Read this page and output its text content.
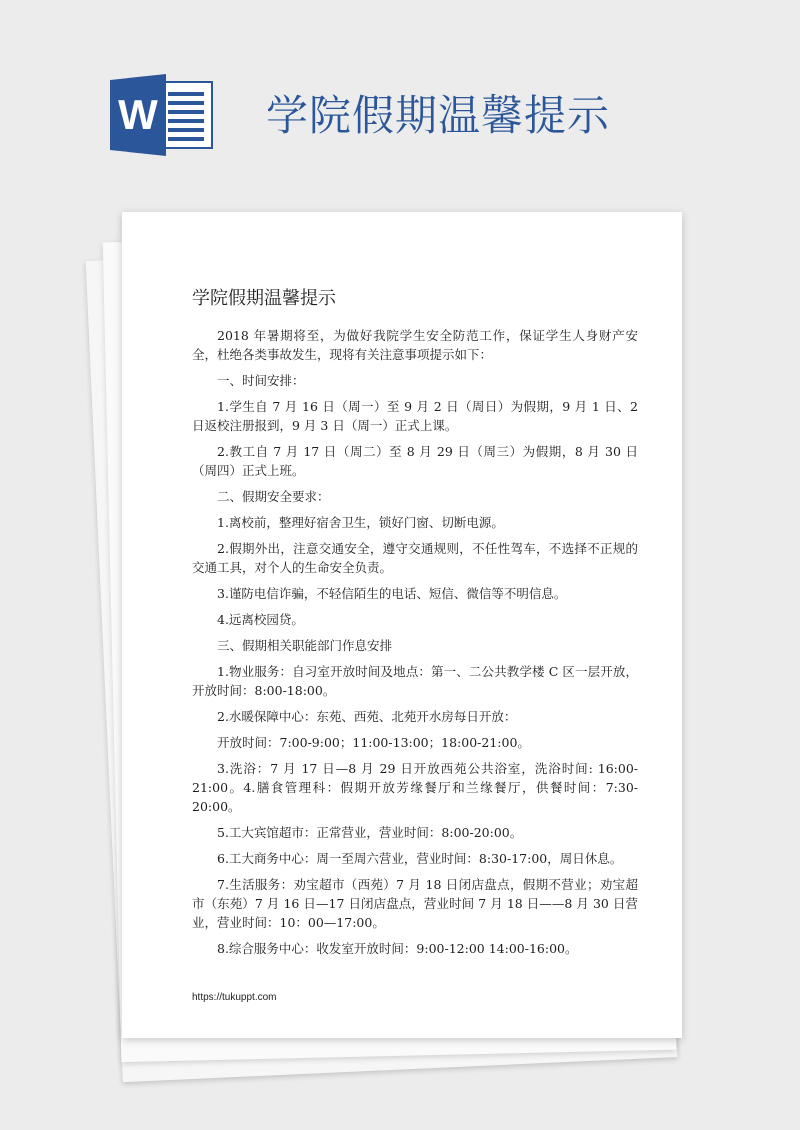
W	学院假期温馨提示
学院假期温馨提示

2018 年暑期将至，为做好我院学生安全防范工作，保证学生人身财产安全，杜绝各类事故发生，现将有关注意事项提示如下：

一、时间安排：

1.学生自 7 月 16 日（周一）至 9 月 2 日（周日）为假期，9 月 1 日、2 日返校注册报到，9 月 3 日（周一）正式上课。

2.教工自 7 月 17 日（周二）至 8 月 29 日（周三）为假期，8 月 30 日（周四）正式上班。

二、假期安全要求：

1.离校前，整理好宿舍卫生，锁好门窗、切断电源。

2.假期外出，注意交通安全，遵守交通规则，不任性驾车，不选择不正规的交通工具，对个人的生命安全负责。

3.谨防电信诈骗，不轻信陌生的电话、短信、微信等不明信息。

4.远离校园贷。

三、假期相关职能部门作息安排

1.物业服务：自习室开放时间及地点：第一、二公共教学楼 C 区一层开放，开放时间：8:00-18:00。

2.水暖保障中心：东苑、西苑、北苑开水房每日开放：

开放时间：7:00-9:00；11:00-13:00；18:00-21:00。

3.洗浴：7 月 17 日—8 月 29 日开放西苑公共浴室，洗浴时间: 16:00-21:00。4.膳食管理科：假期开放芳缘餐厅和兰缘餐厅，供餐时间：7:30-20:00。

5.工大宾馆超市：正常营业，营业时间：8:00-20:00。

6.工大商务中心：周一至周六营业，营业时间：8:30-17:00，周日休息。

7.生活服务：劝宝超市（西苑）7 月 18 日闭店盘点，假期不营业；劝宝超市（东苑）7 月 16 日—17 日闭店盘点，营业时间 7 月 18 日——8 月 30 日营业，营业时间：10：00—17:00。

8.综合服务中心：收发室开放时间：9:00-12:00 14:00-16:00。

https://tukuppt.com
